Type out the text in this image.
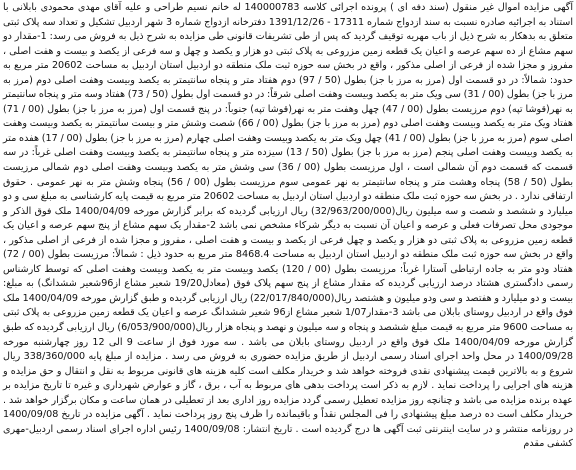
آگهی مزایده اموال غیر منقول (سند دفه ای ) پرونده اجرائی کلاسه 140000783 له خانم نسیم طراحی و علیه آقای مهدی محمودی بابلانی با استناد به اجرائیه صادره نسبت به سند ازدواج شماره 17311 - 1391/12/26 دفترخانه ازدواج شماره 3 شهر اردبیل تشکیل و تعداد سه پلاک ثبتی متعلق به بدهکار به شرح ذیل از باب مهریه توقیف گردید که پس از طی تشریفات قانونی طی مزایده به شرح ذیل به فروش می رسد: 1-مقدار دو سهم مشاع از ده سهم عرصه و اعیان یک قطعه زمین مزروعی به پلاک ثبتی دو هزار و یکصد و چهل و سه فرعی از یکصد و بیست و هفت اصلی ، مفروز و مجزا شده از فرعی از اصلی مذکور ، واقع در بخش سه حوزه ثبت ملک منطقه دو اردبیل استان اردبیل به مساحت 20602 متر مربع به حدود: شمالاً: در دو قسمت اول (مرز به مرز با جز) بطول (50 / 97) دوم هفتاد متر و پنجاه سانتیمتر به یکصد وبیست وهفت اصلی دوم (مرز به مرز با جز) بطول (00 / 31) سی ویک متر به یکصد وبیست وهفت اصلی شرقاً: در دو قسمت اول بطول (50 / 73) هفتاد وسه متر و پنجاه سانتیمتر به نهر(قوشا تپه) دوم مرزیست بطول (00 / 47) چهل وهفت متر به نهر(قوشا تپه) جنوباً: در پنج قسمت اول (مرز به مرز با جز) بطول (00 / 71) هفتاد ویک متر به یکصد وبیست وهفت اصلی دوم (مرز به مرز با جز) بطول (00 / 66) شصت وشش متر و بیست سانتیمتر به یکصد وبیست وهفت اصلی سوم (مرز به مرز با جز) بطول (00 / 41) چهل ویک متر به یکصد وبیست وهفت اصلی چهارم (مرز به مرز با جز) بطول (00 / 17) هفده متر به یکصد وبیست وهفت اصلی پنجم (مرز به مرز با جز) بطول (50 / 13) سیزده متر و پنجاه سانتیمتر به یکصد وبیست وهفت اصلی غرباً: در سه قسمت که قسمت دوم آن شمالی است ، اول مرزیست بطول (00 / 36) سی وشش متر به یکصد وبیست وهفت اصلی دوم شمالی مرزیست بطول (50 / 58) پنجاه وهشت متر و پنجاه سانتیمتر به نهر عمومی سوم مرزیست بطول (00 / 56) پنجاه وشش متر به نهر عمومی . حقوق ارتفاقی ندارد . در بخش سه حوزه ثبت ملک منطقه دو اردبیل استان اردبیل به مساحت 20602 متر مربع به قیمت پایه کارشناسی به مبلغ سی و دو میلیارد و ششصد و شصت و سه میلیون ریال(32/963/200/000) ریال ارزیابی گردیده که برابر گزارش مورخه 1400/04/09 ملک فوق الذکر و موجودی محل تصرفات فعلی و عرصه و اعیان آن نسبت به دیگر شرکاء مشخص نمی باشد 2-مقدار یک سهم مشاع از پنج سهم عرصه و اعیان یک قطعه زمین مزروعی به پلاک ثبتی دو هزار و یکصد و چهل فرعی از یکصد و بیست و هفت اصلی ، مفروز و مجزا شده از فرعی از اصلی مذکور ، واقع در بخش سه حوزه ثبت ملک منطقه دو اردبیل استان اردبیل به مساحت 8468.4 متر مربع به حدود ذیل : شمالاً: مرزیست بطول (00 / 72) هفتاد ودو متر به جاده ارتباطی آستارا غرباً: مرزیست بطول (00 / 120) یکصد وبیست متر به یکصد وبیست وهفت اصلی که توسط کارشناس رسمی دادگستری هشتاد درصد ارزیابی گردیده که مقدار مشاع از پنج سهم پلاک فوق (معادل19/20 شعیر مشاع از96شعیر ششدانگ) به مبلغ: بیست و دو میلیارد و هفتصد و سی ودو میلیون و هشتصد ریال(22/017/840/000) ریال ارزیابی گردیده و طبق گزارش مورخه 1400/04/09 ملک فوق واقع در اردبیل روستای بابلان می باشد 3-مقدار1/07 شعیر مشاع از96 شعیر ششدانگ عرصه و اعیان یک قطعه زمین مزروعی به پلاک ثبتی به مساحت 9600 متر مربع به قیمت مبلغ ششصد و پنجاه و سه میلیون و نهصد و پنجاه هزار ریال(6/053/900/000) ریال ارزیابی گردیده که طبق گزارش مورخه 1400/04/09 ملک فوق واقع در اردبیل روستای بابلان می باشد . سه مورد فوق از ساعت 9 الی 12 روز چهارشنبه مورخه 1400/09/28 در محل واحد اجرای اسناد رسمی اردبیل از طریق مزایده حضوری به فروش می رسد . مزایده از مبلغ پایه 338/360/000 ریال شروع و به بالاترین قیمت پیشنهادی نقدی فروخته خواهد شد و خریدار مکلف است کلیه هزینه های قانونی مربوط به نقل و انتقال و حق مزایده و هزینه های اجرایی را پرداخت نماید . لازم به ذکر است پرداخت بدهی های مربوط به آب ، برق ، گاز و عوارض شهرداری و غیره تا تاریخ مزایده بر عهده برنده مزایده می باشد و چنانچه روز مزایده تعطیل رسمی گردد مزایده روز اداری بعد از تعطیلی در همان ساعت و مکان برگزار خواهد شد . خریدار مکلف است ده درصد مبلغ پیشنهادی را فی المجلس نقداً و باقیمانده را ظرف پنج روز پرداخت نماید . آگهی مزایده در تاریخ 1400/09/08 در روزنامه منتشر و در سایت اینترنتی ثبت آگهی ها درج گردیده است . تاریخ انتشار: 1400/09/08 رئیس اداره اجرای اسناد رسمی اردبیل-مهری کشفی مقدم
